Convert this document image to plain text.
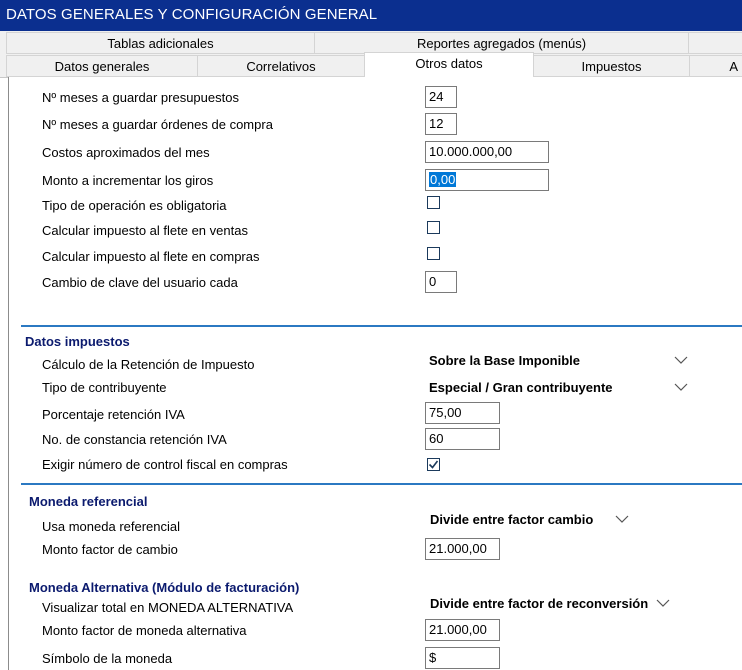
DATOS GENERALES Y CONFIGURACIÓN GENERAL
Tablas adicionales	Reportes agregados (menús)
Datos generales	Correlativos	Impuestos	A
Otros datos
Nº meses a guardar presupuestos	24
Nº meses a guardar órdenes de compra	12
Costos aproximados del mes	10.000.000,00
Monto a incrementar los giros	0,00
Tipo de operación es obligatoria
Calcular impuesto al flete en ventas
Calcular impuesto al flete en compras
Cambio de clave del usuario cada	0
Datos impuestos
Cálculo de la Retención de Impuesto	Sobre la Base Imponible
Tipo de contribuyente	Especial / Gran contribuyente
Porcentaje retención IVA	75,00
No. de constancia retención IVA	60
Exigir número de control fiscal en compras
Moneda referencial
Usa moneda referencial	Divide entre factor cambio
Monto factor de cambio	21.000,00
Moneda Alternativa (Módulo de facturación)
Visualizar total en MONEDA ALTERNATIVA	Divide entre factor de reconversión
Monto factor de moneda alternativa	21.000,00
Símbolo de la moneda	$
